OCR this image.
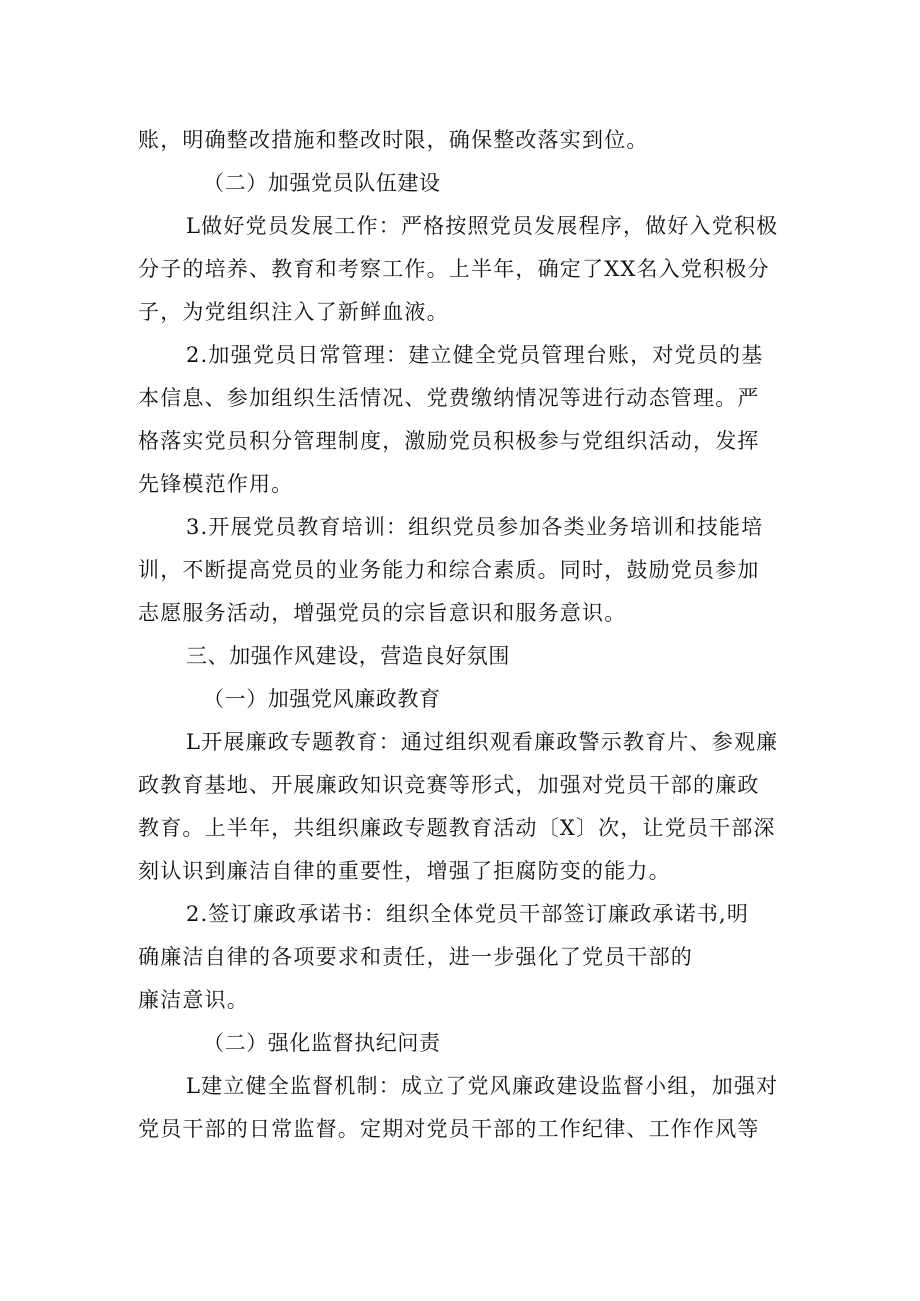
账，明确整改措施和整改时限，确保整改落实到位。
（二）加强党员队伍建设
L做好党员发展工作：严格按照党员发展程序，做好入党积极
分子的培养、教育和考察工作。上半年，确定了XX名入党积极分
子，为党组织注入了新鲜血液。
2.加强党员日常管理：建立健全党员管理台账，对党员的基
本信息、参加组织生活情况、党费缴纳情况等进行动态管理。严
格落实党员积分管理制度，激励党员积极参与党组织活动，发挥
先锋模范作用。
3.开展党员教育培训：组织党员参加各类业务培训和技能培
训，不断提高党员的业务能力和综合素质。同时，鼓励党员参加
志愿服务活动，增强党员的宗旨意识和服务意识。
三、加强作风建设，营造良好氛围
（一）加强党风廉政教育
L开展廉政专题教育：通过组织观看廉政警示教育片、参观廉
政教育基地、开展廉政知识竞赛等形式，加强对党员干部的廉政
教育。上半年，共组织廉政专题教育活动〔X〕次，让党员干部深
刻认识到廉洁自律的重要性，增强了拒腐防变的能力。
2.签订廉政承诺书：组织全体党员干部签订廉政承诺书,明
确廉洁自律的各项要求和责任，进一步强化了党员干部的
廉洁意识。
（二）强化监督执纪问责
L建立健全监督机制：成立了党风廉政建设监督小组，加强对
党员干部的日常监督。定期对党员干部的工作纪律、工作作风等
